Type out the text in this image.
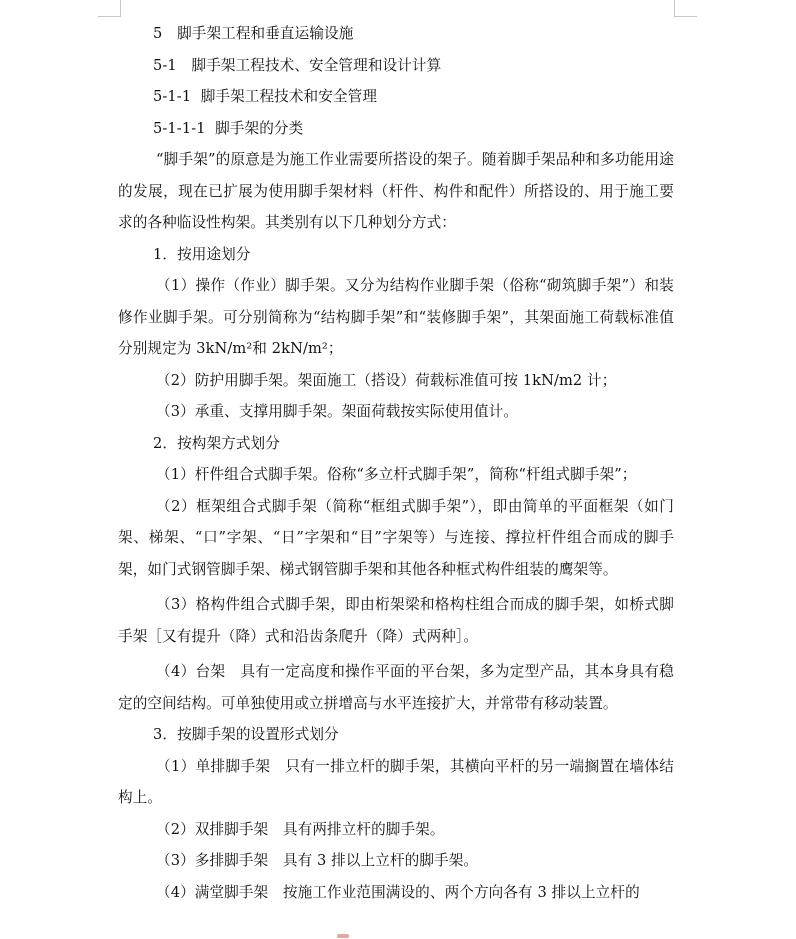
5　脚手架工程和垂直运输设施
5-1　脚手架工程技术、安全管理和设计计算
5-1-1  脚手架工程技术和安全管理
5-1-1-1  脚手架的分类
“脚手架”的原意是为施工作业需要所搭设的架子。随着脚手架品种和多功能用途的发展，现在已扩展为使用脚手架材料（杆件、构件和配件）所搭设的、用于施工要求的各种临设性构架。其类别有以下几种划分方式：
1．按用途划分
（1）操作（作业）脚手架。又分为结构作业脚手架（俗称“砌筑脚手架”）和装修作业脚手架。可分别简称为“结构脚手架”和“装修脚手架”，其架面施工荷载标准值分别规定为 3kN/m²和 2kN/m²；
（2）防护用脚手架。架面施工（搭设）荷载标准值可按 1kN/m2 计；
（3）承重、支撑用脚手架。架面荷载按实际使用值计。
2．按构架方式划分
（1）杆件组合式脚手架。俗称“多立杆式脚手架”，简称“杆组式脚手架”；
（2）框架组合式脚手架（简称“框组式脚手架”），即由简单的平面框架（如门架、梯架、“口”字架、“日”字架和“目”字架等）与连接、撑拉杆件组合而成的脚手架，如门式钢管脚手架、梯式钢管脚手架和其他各种框式构件组装的鹰架等。
（3）格构件组合式脚手架，即由桁架梁和格构柱组合而成的脚手架，如桥式脚手架［又有提升（降）式和沿齿条爬升（降）式两种］。
（4）台架　具有一定高度和操作平面的平台架，多为定型产品，其本身具有稳定的空间结构。可单独使用或立拼增高与水平连接扩大，并常带有移动装置。
3．按脚手架的设置形式划分
（1）单排脚手架　只有一排立杆的脚手架，其横向平杆的另一端搁置在墙体结构上。
（2）双排脚手架　具有两排立杆的脚手架。
（3）多排脚手架　具有 3 排以上立杆的脚手架。
（4）满堂脚手架　按施工作业范围满设的、两个方向各有 3 排以上立杆的
